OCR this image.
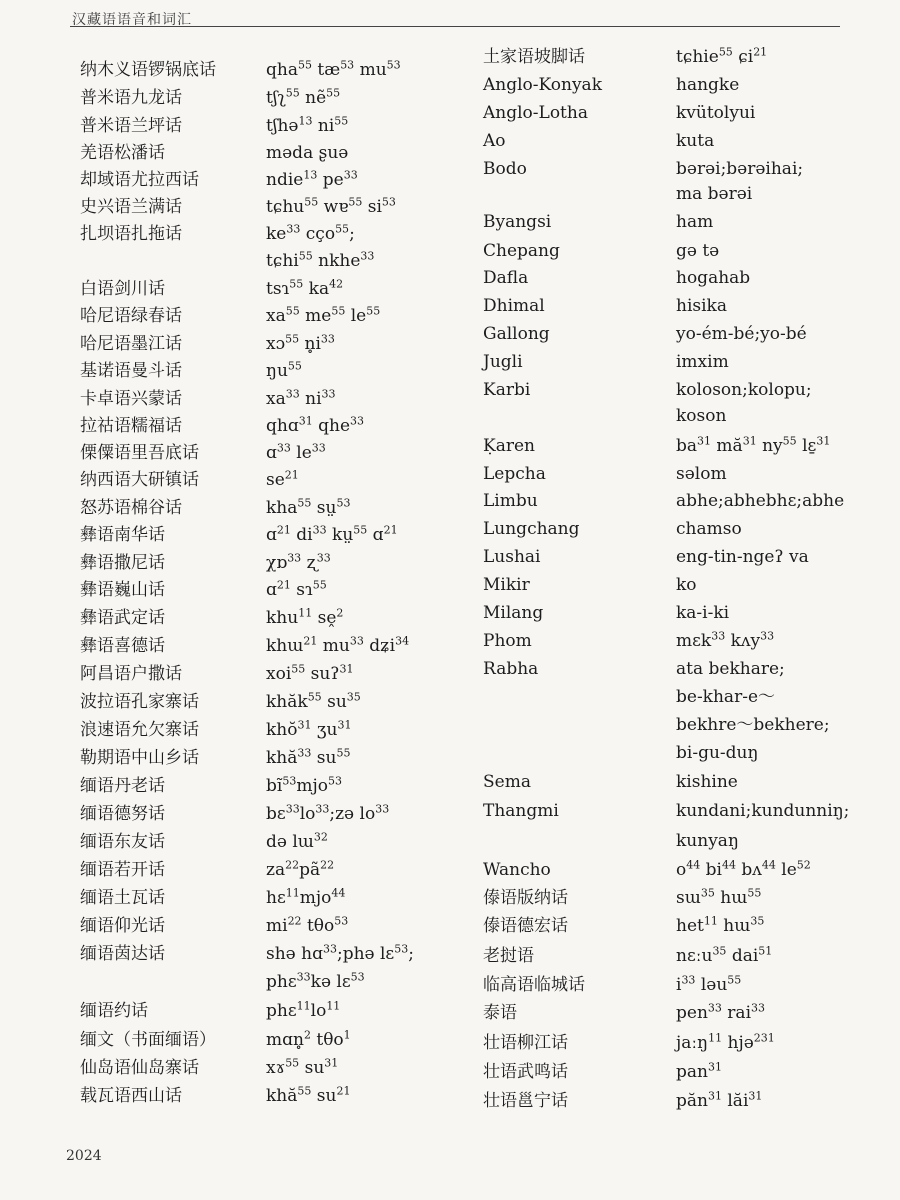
汉藏语语音和词汇
纳木义语锣锅底话	qha$^{55}$ $tæ^{53}$ $mu^{53}$
普米语九龙话	tʃʅ$^{55}$ nẽ$^{55}$
普米语兰坪话	tʃhə$^{13}$ $ni^{55}$
羌语松潘话	məda ʂuə
却域语尤拉西话	ndie$^{13}$ $pe^{33}$
史兴语兰满话	tɕhu$^{55}$ wɐ$^{55}$ $si^{53}$
扎坝语扎拖话	$ke^{33}$ cço$^{55}$;
tɕhi$^{55}$ nkhe$^{33}$
白语剑川话	tsɿ$^{55}$ $ka^{42}$
哈尼语绿春话	$xa^{55}$ $me^{55}$ $le^{55}$
哈尼语墨江话	xɔ$^{55}$ $n̥i^{33}$
基诺语曼斗话	$ŋu^{55}$
卡卓语兴蒙话	$xa^{33}$ $ni^{33}$
拉祜语糯福话	qhɑ$^{31}$ qhe$^{33}$
傈僳语里吾底话	ɑ$^{33}$ $le^{33}$
纳西语大研镇话	$se^{21}$
怒苏语棉谷话	kha$^{55}$ sṳ$^{53}$
彝语南华话	ɑ$^{21}$ $di^{33}$ kṳ$^{55}$ ɑ$^{21}$
彝语撒尼话	χɒ$^{33}$ ʐ$^{33}$
彝语巍山话	ɑ$^{21}$ sɿ$^{55}$
彝语武定话	khu$^{11}$ sḙ$^2$
彝语喜德话	khɯ$^{21}$ $mu^{33}$ dʑi$^{34}$
阿昌语户撒话	xoi$^{55}$ suʔ$^{31}$
波拉语孔家寨话	khăk$^{55}$ $su^{35}$
浪速语允欠寨话	khŏ$^{31}$ ʒu$^{31}$
勒期语中山乡话	khă$^{33}$ $su^{55}$
缅语丹老话	$bĩ^{53}mjo^{53}$
缅语德努话	$bɛ^{33}lo^{33};zə$ $lo^{33}$
缅语东友话	də lɯ$^{32}$
缅语若开话	$za^{22}pã^{22}$
缅语土瓦话	hɛ$^{11}$mjo$^{44}$
缅语仰光话	$mi^{22}$ tθo$^{53}$
缅语茵达话	shə hɑ$^{33}$;phə lɛ$^{53}$;
phɛ$^{33}$kə lɛ$^{53}$
缅语约话	$phɛ^{11}lo^{11}$
缅文（书面缅语）	mɑn̥$^2$ tθo$^1$
仙岛语仙岛寨话	xɤ$^{55}$ $su^{31}$
载瓦语西山话	khă$^{55}$ $su^{21}$
土家语坡脚话	tɕhie$^{55}$ ɕi$^{21}$
Anglo-Konyak	hangke
Anglo-Lotha	kvütolyui
Ao	kuta
Bodo	bərəi;bərəihai;
ma bərəi
Byangsi	ham
Chepang	gə tə
Dafla	hogahab
Dhimal	hisika
Gallong	yo-ém-bé;yo-bé
Jugli	imxim
Karbi	koloson;kolopu;
koson
Ḳaren	$ba^{31}$ $mă^{31}$ $ny^{55}$ lɛ̱$^{31}$
Lepcha	səlom
Limbu	abhe;abhebhɛ;abhe
Lungchang	chamso
Lushai	eng-tin-ngeʔ va
Mikir	ko
Milang	ka-i-ki
Phom	mɛk$^{33}$ kʌy$^{33}$
Rabha	ata bekhare;
be-khar-e～
bekhre～bekhere;
bi-gu-duŋ
Sema	kishine
Thangmi	kundani;kundunniŋ;
kunyaŋ
Wancho	$o^{44}$ $bi^{44}$ bʌ$^{44}$ $le^{52}$
傣语版纳话	sɯ$^{35}$ hɯ$^{55}$
傣语德宏话	het$^{11}$ hɯ$^{35}$
老挝语	nɛːu$^{35}$ dai$^{51}$
临高语临城话	$i^{33}$ ləu$^{55}$
泰语	pen$^{33}$ rai$^{33}$
壮语柳江话	jaːŋ$^{11}$ hjə$^{231}$
壮语武鸣话	pan$^{31}$
壮语邕宁话	păn$^{31}$ lăi$^{31}$
2024
